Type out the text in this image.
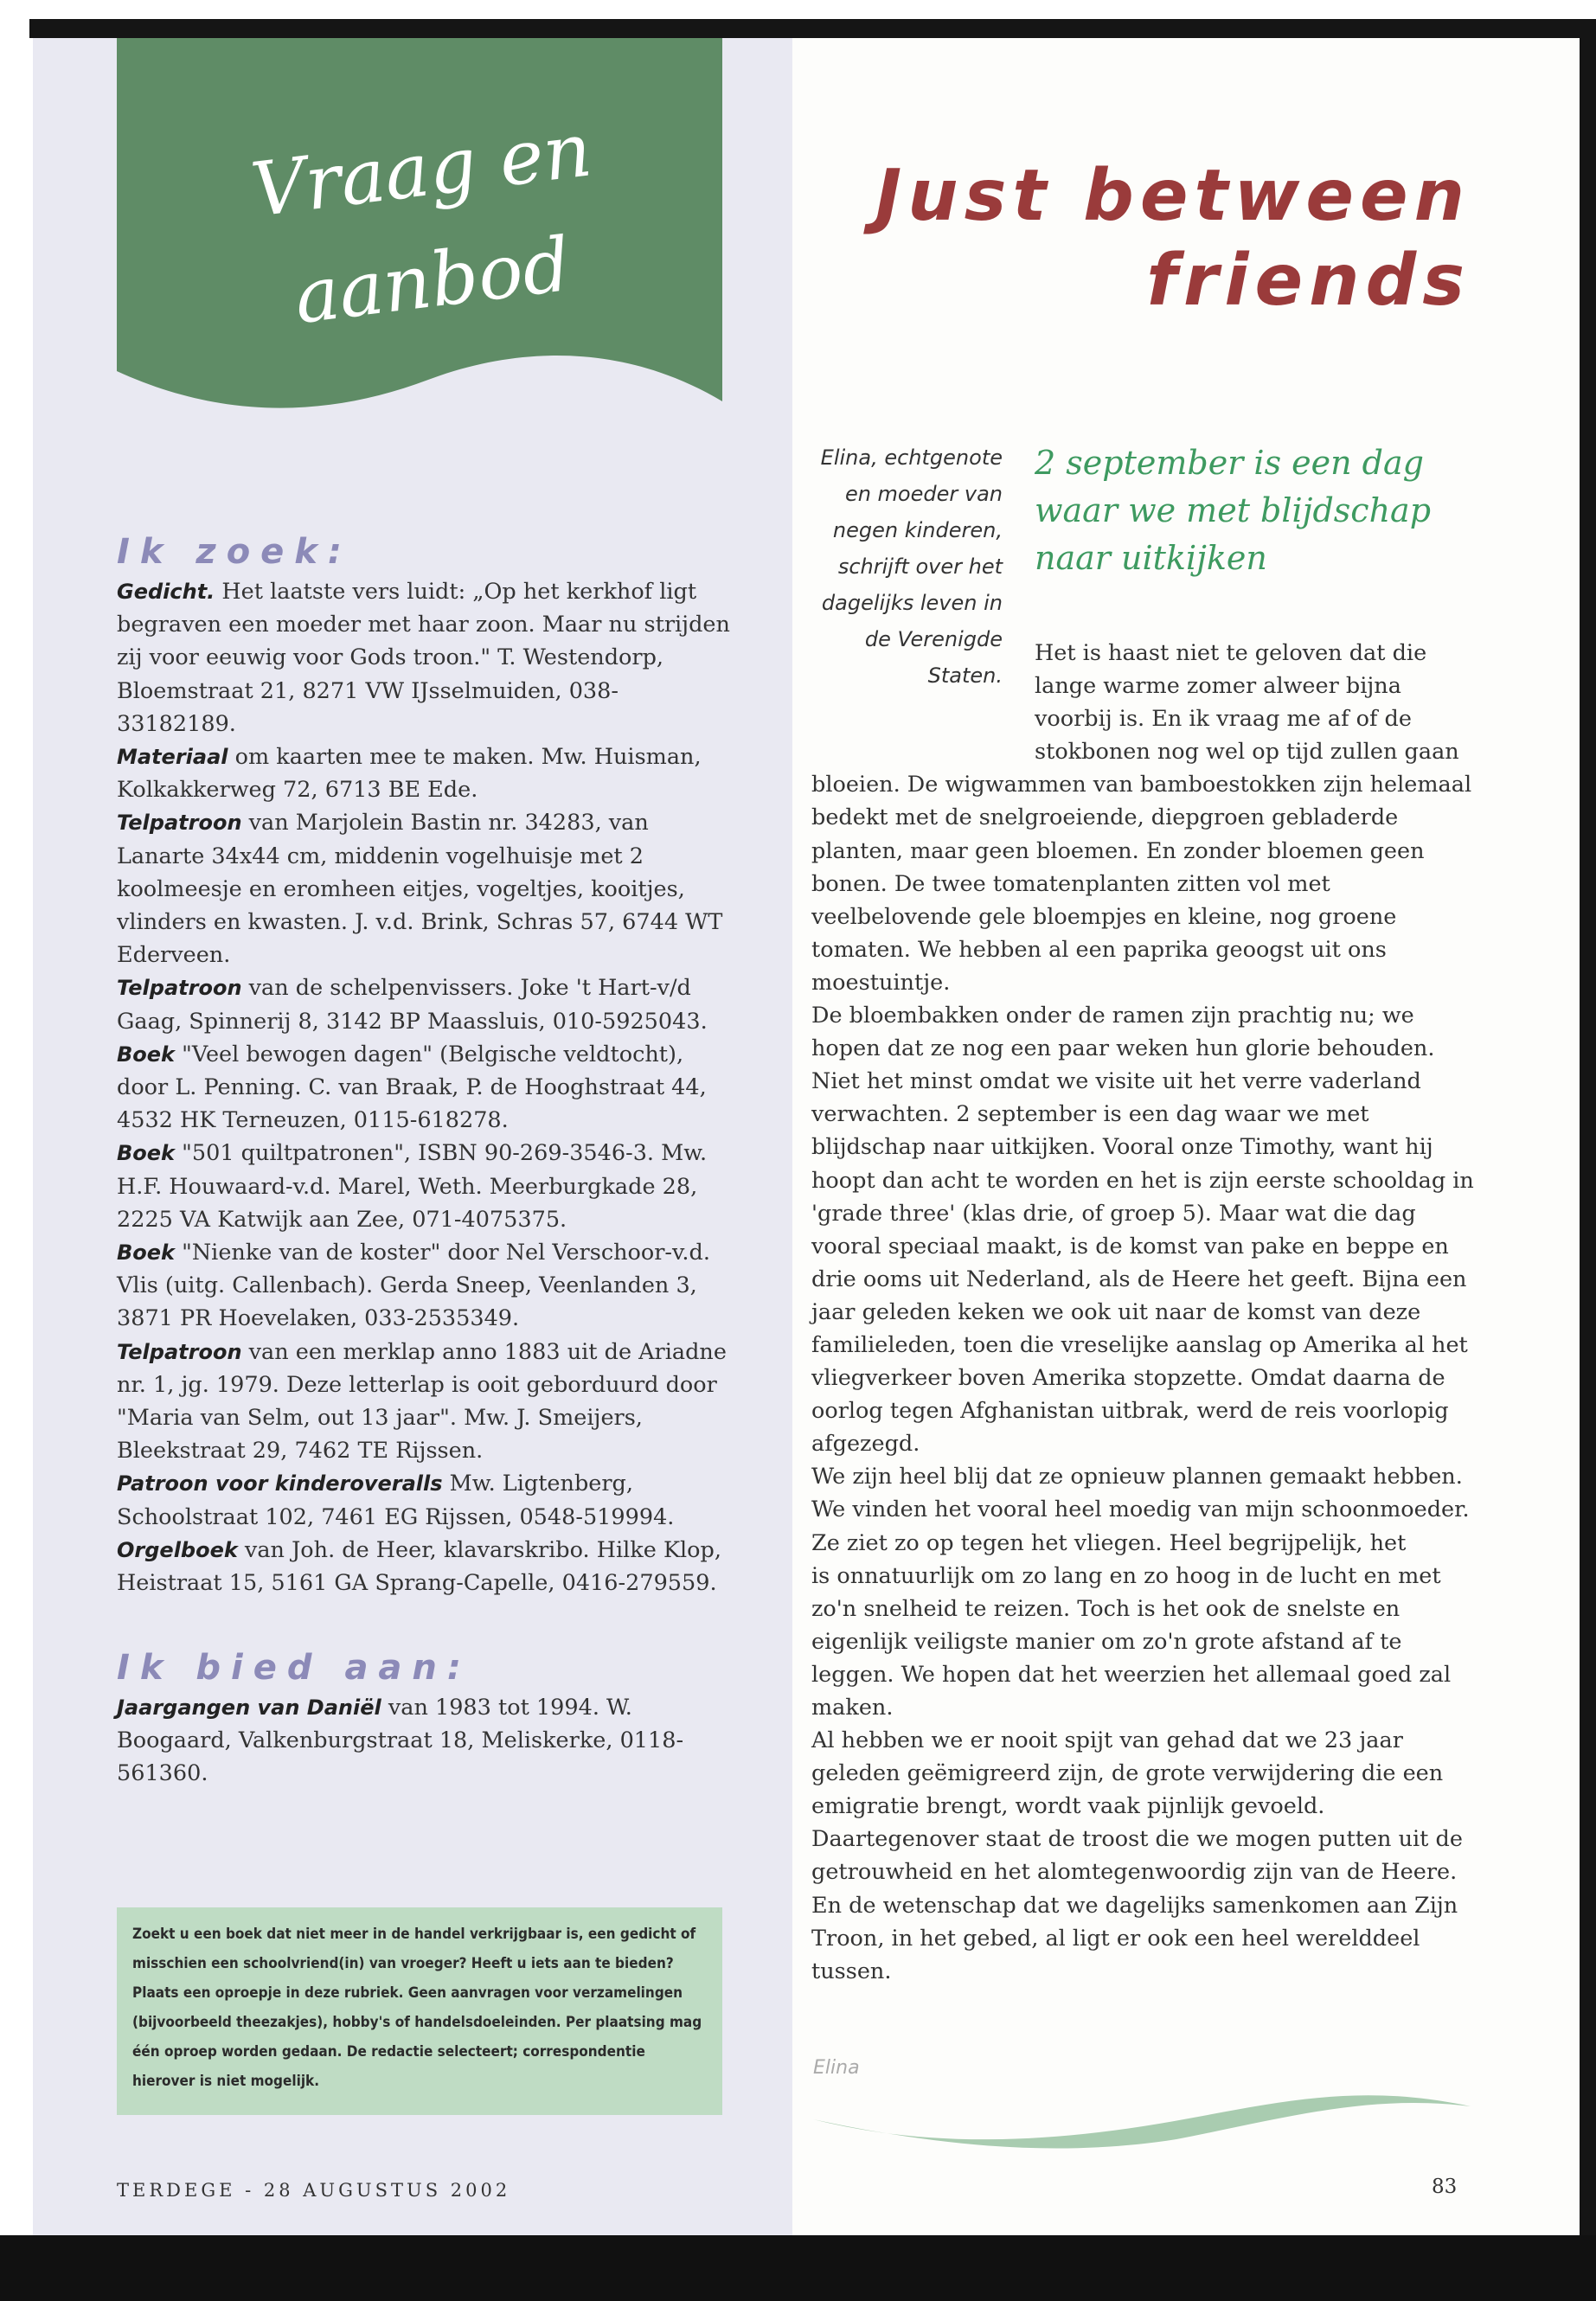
Vraag en
aanbod
Ik zoek:

Gedicht. Het laatste vers luidt: „Op het kerkhof ligt begraven een moeder met haar zoon. Maar nu strijden zij voor eeuwig voor Gods troon." T. Westendorp, Bloemstraat 21, 8271 VW IJsselmuiden, 038-33182189.

Materiaal om kaarten mee te maken. Mw. Huisman, Kolkakkerweg 72, 6713 BE Ede.

Telpatroon van Marjolein Bastin nr. 34283, van Lanarte 34x44 cm, middenin vogelhuisje met 2 koolmeesje en eromheen eitjes, vogeltjes, kooitjes, vlinders en kwasten. J. v.d. Brink, Schras 57, 6744 WT Ederveen.

Telpatroon van de schelpenvissers. Joke 't Hart-v/d Gaag, Spinnerij 8, 3142 BP Maassluis, 010-5925043.

Boek "Veel bewogen dagen" (Belgische veldtocht), door L. Penning. C. van Braak, P. de Hooghstraat 44, 4532 HK Terneuzen, 0115-618278.

Boek "501 quiltpatronen", ISBN 90-269-3546-3. Mw. H.F. Houwaard-v.d. Marel, Weth. Meerburgkade 28, 2225 VA Katwijk aan Zee, 071-4075375.

Boek "Nienke van de koster" door Nel Verschoor-v.d. Vlis (uitg. Callenbach). Gerda Sneep, Veenlanden 3, 3871 PR Hoevelaken, 033-2535349.

Telpatroon van een merklap anno 1883 uit de Ariadne nr. 1, jg. 1979. Deze letterlap is ooit geborduurd door "Maria van Selm, out 13 jaar". Mw. J. Smeijers, Bleekstraat 29, 7462 TE Rijssen.

Patroon voor kinderoveralls Mw. Ligtenberg, Schoolstraat 102, 7461 EG Rijssen, 0548-519994.

Orgelboek van Joh. de Heer, klavarskribo. Hilke Klop, Heistraat 15, 5161 GA Sprang-Capelle, 0416-279559.

Ik bied aan:

Jaargangen van Daniël van 1983 tot 1994. W. Boogaard, Valkenburgstraat 18, Meliskerke, 0118-561360.

Zoekt u een boek dat niet meer in de handel verkrijgbaar is, een gedicht of misschien een schoolvriend(in) van vroeger? Heeft u iets aan te bieden? Plaats een oproepje in deze rubriek. Geen aanvragen voor verzamelingen (bijvoorbeeld theezakjes), hobby's of handelsdoeleinden. Per plaatsing mag één oproep worden gedaan. De redactie selecteert; correspondentie hierover is niet mogelijk.
TERDEGE - 28 AUGUSTUS 2002
Just between
friends
Elina, echtgenote en moeder van negen kinderen, schrijft over het dagelijks leven in de Verenigde Staten.
2 september is een dag waar we met blijdschap naar uitkijken

Het is haast niet te geloven dat die lange warme zomer alweer bijna voorbij is. En ik vraag me af of de stokbonen nog wel op tijd zullen gaan bloeien. De wigwammen van bamboestokken zijn helemaal bedekt met de snelgroeiende, diepgroen gebladerde planten, maar geen bloemen. En zonder bloemen geen bonen. De twee tomatenplanten zitten vol met veelbelovende gele bloempjes en kleine, nog groene tomaten. We hebben al een paprika geoogst uit ons moestuintje.

De bloembakken onder de ramen zijn prachtig nu; we hopen dat ze nog een paar weken hun glorie behouden. Niet het minst omdat we visite uit het verre vaderland verwachten. 2 september is een dag waar we met blijdschap naar uitkijken. Vooral onze Timothy, want hij hoopt dan acht te worden en het is zijn eerste schooldag in 'grade three' (klas drie, of groep 5). Maar wat die dag vooral speciaal maakt, is de komst van pake en beppe en drie ooms uit Nederland, als de Heere het geeft. Bijna een jaar geleden keken we ook uit naar de komst van deze familieleden, toen die vreselijke aanslag op Amerika al het vliegverkeer boven Amerika stopzette. Omdat daarna de oorlog tegen Afghanistan uitbrak, werd de reis voorlopig afgezegd.

We zijn heel blij dat ze opnieuw plannen gemaakt hebben. We vinden het vooral heel moedig van mijn schoonmoeder. Ze ziet zo op tegen het vliegen. Heel begrijpelijk, het

is onnatuurlijk om zo lang en zo hoog in de lucht en met zo'n snelheid te reizen. Toch is het ook de snelste en eigenlijk veiligste manier om zo'n grote afstand af te leggen. We hopen dat het weerzien het allemaal goed zal maken.

Al hebben we er nooit spijt van gehad dat we 23 jaar geleden geëmigreerd zijn, de grote verwijdering die een emigratie brengt, wordt vaak pijnlijk gevoeld. Daartegenover staat de troost die we mogen putten uit de getrouwheid en het alomtegenwoordig zijn van de Heere. En de wetenschap dat we dagelijks samenkomen aan Zijn Troon, in het gebed, al ligt er ook een heel werelddeel tussen.

Elina
83
